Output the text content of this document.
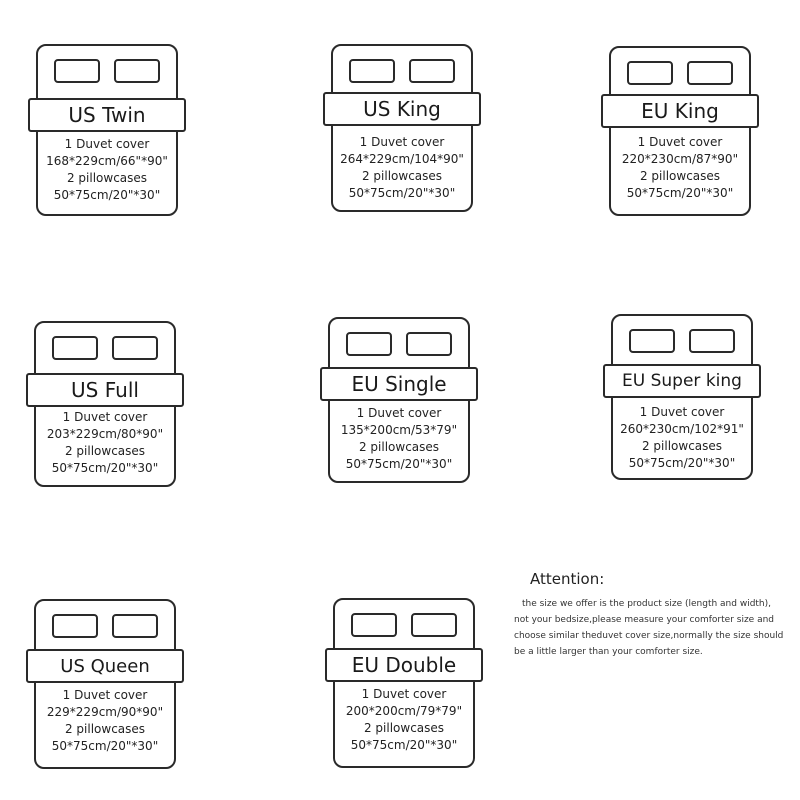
US Twin
1 Duvet cover
168*229cm/66"*90"
2 pillowcases
50*75cm/20"*30"
US King
1 Duvet cover
264*229cm/104*90"
2 pillowcases
50*75cm/20"*30"
EU King
1 Duvet cover
220*230cm/87*90"
2 pillowcases
50*75cm/20"*30"
US Full
1 Duvet cover
203*229cm/80*90"
2 pillowcases
50*75cm/20"*30"
EU Single
1 Duvet cover
135*200cm/53*79"
2 pillowcases
50*75cm/20"*30"
EU Super king
1 Duvet cover
260*230cm/102*91"
2 pillowcases
50*75cm/20"*30"
US Queen
1 Duvet cover
229*229cm/90*90"
2 pillowcases
50*75cm/20"*30"
EU Double
1 Duvet cover
200*200cm/79*79"
2 pillowcases
50*75cm/20"*30"
Attention:
the size we offer is the product size (length and width),
not your bedsize,please measure your comforter size and
choose similar theduvet cover size,normally the size should
be a little larger than your comforter size.
